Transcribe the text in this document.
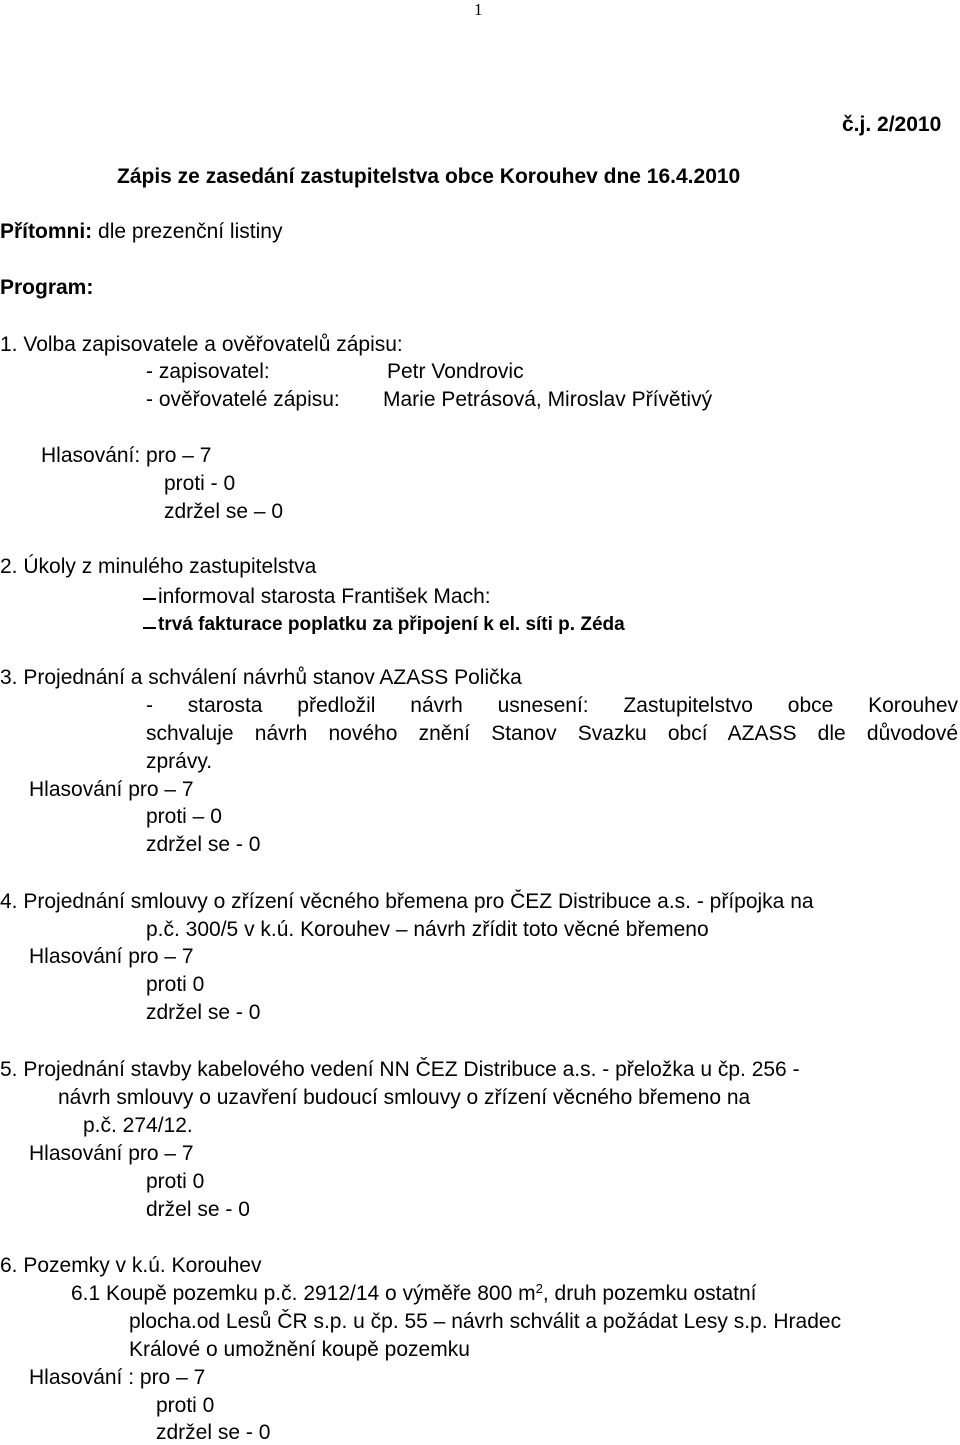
1
č.j. 2/2010
Zápis ze zasedání zastupitelstva obce Korouhev dne 16.4.2010
Přítomni: dle prezenční listiny
Program:
1. Volba zapisovatele a ověřovatelů zápisu:
- zapisovatel:	Petr Vondrovic
- ověřovatelé zápisu: Marie Petrásová, Miroslav Přívětivý
Hlasování: pro – 7
proti - 0
zdržel se – 0
2. Úkoly z minulého zastupitelstva
informoval starosta František Mach:
trvá fakturace poplatku za připojení k el. síti p. Zéda
3. Projednání a schválení návrhů stanov AZASS Polička
- starosta předložil návrh usnesení: Zastupitelstvo obce Korouhev
schvaluje návrh nového znění Stanov Svazku obcí AZASS dle důvodové
zprávy.
Hlasování pro – 7
proti – 0
zdržel se - 0
4. Projednání smlouvy o zřízení věcného břemena pro ČEZ Distribuce a.s. - přípojka na
p.č. 300/5 v k.ú. Korouhev – návrh zřídit toto věcné břemeno
Hlasování pro – 7
proti 0
zdržel se - 0
5. Projednání stavby kabelového vedení NN ČEZ Distribuce a.s. - přeložka u čp. 256 -
návrh smlouvy o uzavření budoucí smlouvy o zřízení věcného břemeno na
p.č. 274/12.
Hlasování pro – 7
proti 0
držel se - 0
6. Pozemky v k.ú. Korouhev
6.1 Koupě pozemku p.č. 2912/14 o výměře 800 $m^2$, druh pozemku ostatní
plocha.od Lesů ČR s.p. u čp. 55 – návrh schválit a požádat Lesy s.p. Hradec
Králové o umožnění koupě pozemku
Hlasování : pro – 7
proti 0
zdržel se - 0
